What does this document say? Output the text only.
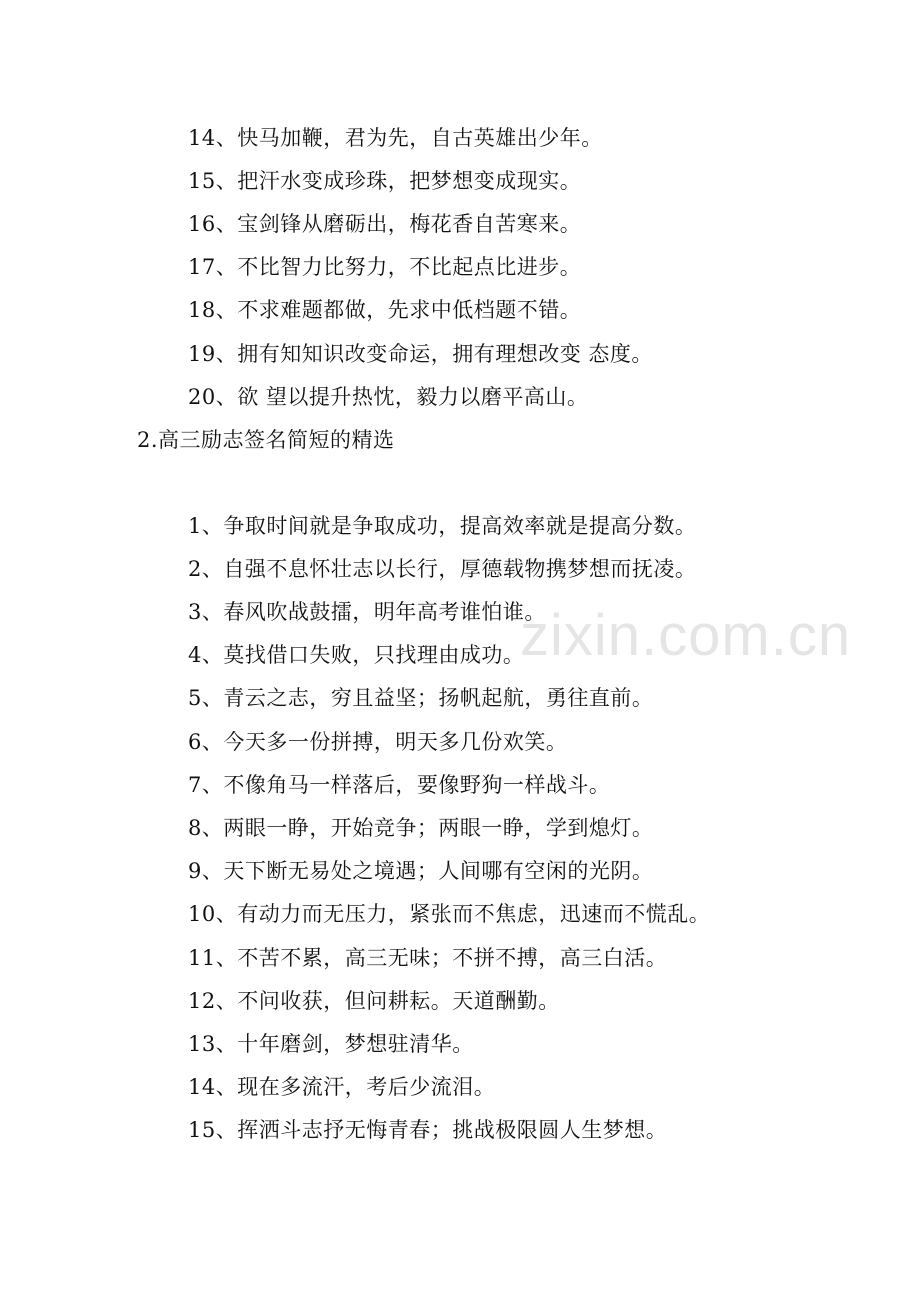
14、快马加鞭，君为先，自古英雄出少年。
15、把汗水变成珍珠，把梦想变成现实。
16、宝剑锋从磨砺出，梅花香自苦寒来。
17、不比智力比努力，不比起点比进步。
18、不求难题都做，先求中低档题不错。
19、拥有知知识改变命运，拥有理想改变 态度。
20、欲 望以提升热忱，毅力以磨平高山。
2.高三励志签名简短的精选
1、争取时间就是争取成功，提高效率就是提高分数。
2、自强不息怀壮志以长行，厚德载物携梦想而抚凌。
3、春风吹战鼓擂，明年高考谁怕谁。
4、莫找借口失败，只找理由成功。
5、青云之志，穷且益坚；扬帆起航，勇往直前。
6、今天多一份拼搏，明天多几份欢笑。
7、不像角马一样落后，要像野狗一样战斗。
8、两眼一睁，开始竞争；两眼一睁，学到熄灯。
9、天下断无易处之境遇；人间哪有空闲的光阴。
10、有动力而无压力，紧张而不焦虑，迅速而不慌乱。
11、不苦不累，高三无味；不拼不搏，高三白活。
12、不问收获，但问耕耘。天道酬勤。
13、十年磨剑，梦想驻清华。
14、现在多流汗，考后少流泪。
15、挥洒斗志抒无悔青春；挑战极限圆人生梦想。
zixin.com.cn
